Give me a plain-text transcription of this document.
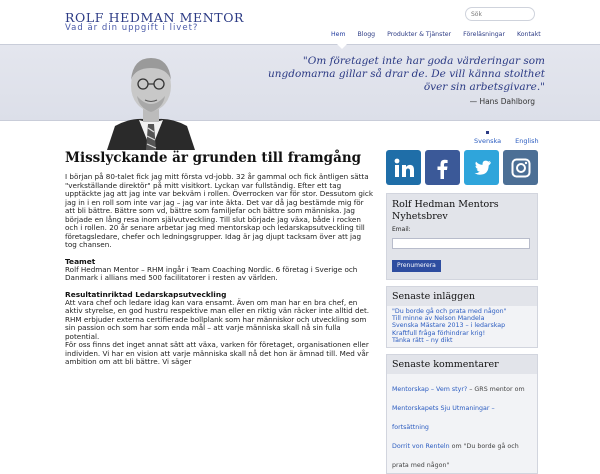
ROLF HEDMAN MENTOR
Vad är din uppgift i livet?
Sök
Hem	Blogg	Produkter & Tjänster	Föreläsningar	Kontakt
"Om företaget inte har goda värderingar som ungdomarna gillar så drar de. De vill känna stolthet över sin arbetsgivare."
— Hans Dahlborg
Svenska English
Misslyckande är grunden till framgång

I början på 80-talet fick jag mitt första vd-jobb. 32 år gammal och fick äntligen sätta "verkställande direktör" på mitt visitkort. Lyckan var fullständig. Efter ett tag upptäckte jag att jag inte var bekväm i rollen. Överrocken var för stor. Dessutom gick jag in i en roll som inte var jag – jag var inte äkta. Det var då jag bestämde mig för att bli bättre. Bättre som vd, bättre som familjefar och bättre som människa. Jag började en lång resa inom självutveckling. Till slut började jag växa, både i rocken och i rollen. 20 år senare arbetar jag med mentorskap och ledarskapsutveckling till företagsledare, chefer och ledningsgrupper. Idag är jag djupt tacksam över att jag tog chansen.

Teamet

Rolf Hedman Mentor – RHM ingår i Team Coaching Nordic. 6 företag i Sverige och Danmark i allians med 500 facilitatorer i resten av världen.

Resultatinriktad Ledarskapsutveckling

Att vara chef och ledare idag kan vara ensamt. Även om man har en bra chef, en aktiv styrelse, en god hustru respektive man eller en riktig vän räcker inte alltid det. RHM erbjuder externa certifierade bollplank som har människor och utveckling som sin passion och som har som enda mål – att varje människa skall nå sin fulla potential.

För oss finns det inget annat sätt att växa, varken för företaget, organisationen eller individen. Vi har en vision att varje människa skall nå det hon är ämnad till. Med vår ambition om att bli bättre. Vi säger

Rolf Hedman Mentors Nyhetsbrev
Email:
Prenumerera
Senaste inläggen
"Du borde gå och prata med någon"
Till minne av Nelson Mandela
Svenska Mästare 2013 – i ledarskap
Kraftfull fråga förhindrar krig!
Tänka rätt – ny dikt
Senaste kommentarer
Mentorskap – Vem styr? – GRS mentor om
Mentorskapets Sju Utmaningar – fortsättning
Dorrit von Renteln om "Du borde gå och prata med någon"
